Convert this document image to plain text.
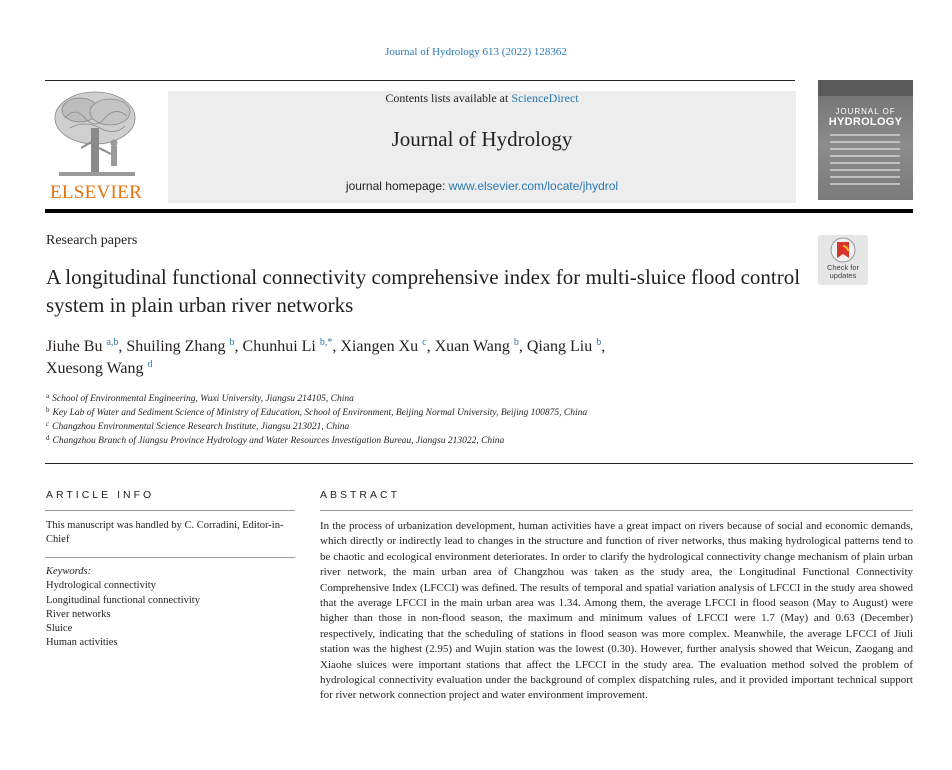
Journal of Hydrology 613 (2022) 128362
ELSEVIER
Contents lists available at ScienceDirect
Journal of Hydrology
journal homepage: www.elsevier.com/locate/jhydrol
JOURNAL OF
HYDROLOGY
Research papers
Check for
updates
A longitudinal functional connectivity comprehensive index for multi-sluice flood control system in plain urban river networks
Jiuhe Bu $^{a,b}$, Shuiling Zhang $^b$, Chunhui Li $^{b,*}$, Xiangen Xu $^c$, Xuan Wang $^b$, Qiang Liu $^b$,
Xuesong Wang $^d$
$^a$ School of Environmental Engineering, Wuxi University, Jiangsu 214105, China
$^b$ Key Lab of Water and Sediment Science of Ministry of Education, School of Environment, Beijing Normal University, Beijing 100875, China
$^c$ Changzhou Environmental Science Research Institute, Jiangsu 213021, China
$^d$ Changzhou Branch of Jiangsu Province Hydrology and Water Resources Investigation Bureau, Jiangsu 213022, China
ARTICLE INFO
This manuscript was handled by C. Corradini, Editor-in-Chief
Keywords:
Hydrological connectivity
Longitudinal functional connectivity
River networks
Sluice
Human activities
ABSTRACT
In the process of urbanization development, human activities have a great impact on rivers because of social and economic demands, which directly or indirectly lead to changes in the structure and function of river networks, thus making hydrological patterns tend to be chaotic and ecological environment deteriorates. In order to clarify the hydrological connectivity change mechanism of plain urban river network, the main urban area of Changzhou was taken as the study area, the Longitudinal Functional Connectivity Comprehensive Index (LFCCI) was defined. The results of temporal and spatial variation analysis of LFCCI in the study area showed that the average LFCCI in the main urban area was 1.34. Among them, the average LFCCI in flood season (May to August) were higher than those in non-flood season, the maximum and minimum values of LFCCI were 1.7 (May) and 0.63 (December) respectively, indicating that the scheduling of stations in flood season was more complex. Meanwhile, the average LFCCI of Jiuli station was the highest (2.95) and Wujin station was the lowest (0.30). However, further analysis showed that Weicun, Zaogang and Xiaohe sluices were important stations that affect the LFCCI in the study area. The evaluation method solved the problem of hydrological connectivity evaluation under the background of complex dispatching rules, and it provided important technical support for river network connection project and water environment improvement.
